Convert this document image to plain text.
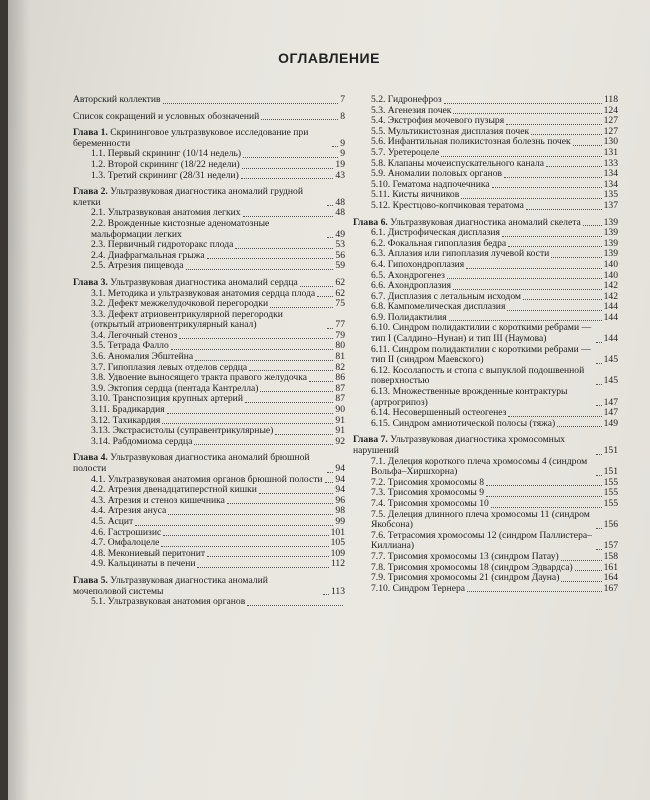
ОГЛАВЛЕНИЕ
Авторский коллектив	7
Список сокращений и условных обозначений	8
Глава 1. Скрининговое ультразвуковое исследование при беременности	9
1.1. Первый скрининг (10/14 недель)	9
1.2. Второй скрининг (18/22 недели)	19
1.3. Третий скрининг (28/31 недели)	43
Глава 2. Ультразвуковая диагностика аномалий грудной клетки	48
2.1. Ультразвуковая анатомия легких	48
2.2. Врожденные кистозные аденоматозные мальформации легких	49
2.3. Первичный гидроторакс плода	53
2.4. Диафрагмальная грыжа	56
2.5. Атрезия пищевода	59
Глава 3. Ультразвуковая диагностика аномалий сердца	62
3.1. Методика и ультразвуковая анатомия сердца плода 62
3.2. Дефект межжелудочковой перегородки	75
3.3. Дефект атриовентрикулярной перегородки (открытый атриовентрикулярный канал)	77
3.4. Легочный стеноз	79
3.5. Тетрада Фалло	80
3.6. Аномалия Эбштейна	81
3.7. Гипоплазия левых отделов сердца	82
3.8. Удвоение выносящего тракта правого желудочка	86
3.9. Эктопия сердца (пентада Кантрелла)	87
3.10. Транспозиция крупных артерий	87
3.11. Брадикардия	90
3.12. Тахикардия	91
3.13. Экстрасистолы (суправентрикулярные)	91
3.14. Рабдомиома сердца	92
Глава 4. Ультразвуковая диагностика аномалий брюшной полости	94
4.1. Ультразвуковая анатомия органов брюшной полости 94
4.2. Атрезия двенадцатиперстной кишки	94
4.3. Атрезия и стеноз кишечника	96
4.4. Атрезия ануса	98
4.5. Асцит	99
4.6. Гастрошизис	101
4.7. Омфалоцеле	105
4.8. Мекониевый перитонит	109
4.9. Кальцинаты в печени	112
Глава 5. Ультразвуковая диагностика аномалий мочеполовой системы	113
5.1. Ультразвуковая анатомия органов
5.2. Гидронефроз	118
5.3. Агенезия почек	124
5.4. Экстрофия мочевого пузыря	127
5.5. Мультикистозная дисплазия почек	127
5.6. Инфантильная поликистозная болезнь почек	130
5.7. Уретероцеле	131
5.8. Клапаны мочеиспускательного канала	133
5.9. Аномалии половых органов	134
5.10. Гематома надпочечника	134
5.11. Кисты яичников	135
5.12. Крестцово-копчиковая тератома	137
Глава 6. Ультразвуковая диагностика аномалий скелета 139
6.1. Дистрофическая дисплазия	139
6.2. Фокальная гипоплазия бедра	139
6.3. Аплазия или гипоплазия лучевой кости	139
6.4. Гипохондроплазия	140
6.5. Ахондрогенез	140
6.6. Ахондроплазия	142
6.7. Дисплазия с летальным исходом	142
6.8. Кампомелическая дисплазия	144
6.9. Полидактилия	144
6.10. Синдром полидактилии с короткими ребрами — тип I (Салдино–Нунан) и тип III (Наумова)	144
6.11. Синдром полидактилии с короткими ребрами — тип II (синдром Маевского)	145
6.12. Косолапость и стопа с выпуклой подошвенной поверхностью	145
6.13. Множественные врожденные контрактуры (артрогрипоз)	147
6.14. Несовершенный остеогенез	147
6.15. Синдром амниотической полосы (тяжа)	149
Глава 7. Ультразвуковая диагностика хромосомных нарушений	151
7.1. Делеция короткого плеча хромосомы 4 (синдром Вольфа–Хиршхорна)	151
7.2. Трисомия хромосомы 8	155
7.3. Трисомия хромосомы 9	155
7.4. Трисомия хромосомы 10	155
7.5. Делеция длинного плеча хромосомы 11 (синдром Якобсона)	156
7.6. Тетрасомия хромосомы 12 (синдром Паллистера–Киллиана)	157
7.7. Трисомия хромосомы 13 (синдром Патау)	158
7.8. Трисомия хромосомы 18 (синдром Эдвардса)	161
7.9. Трисомия хромосомы 21 (синдром Дауна)	164
7.10. Синдром Тернера	167
